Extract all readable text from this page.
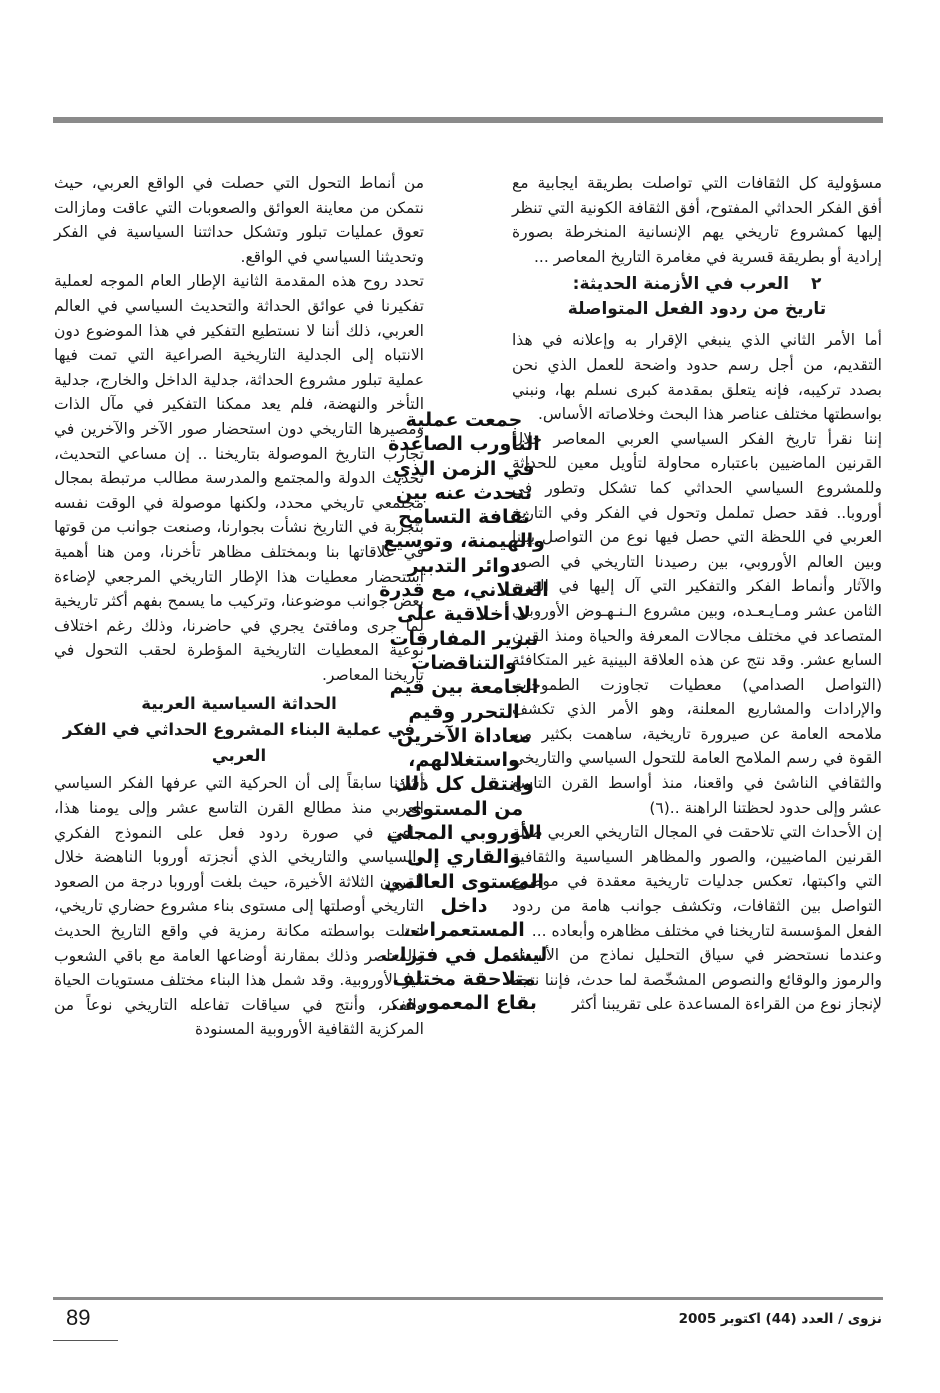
مسؤولية كل الثقافات التي تواصلت بطريقة ايجابية مع أفق الفكر الحداثي المفتوح، أفق الثقافة الكونية التي تنظر إليها كمشروع تاريخي يهم الإنسانية المنخرطة بصورة إرادية أو بطريقة قسرية في مغامرة التاريخ المعاصر ...

٢العرب في الأزمنة الحديثة:
تاريخ من ردود الفعل المتواصلة

أما الأمر الثاني الذي ينبغي الإقرار به وإعلانه في هذا التقديم، من أجل رسم حدود واضحة للعمل الذي نحن بصدد تركيبه، فإنه يتعلق بمقدمة كبرى نسلم بها، ونبني بواسطتها مختلف عناصر هذا البحث وخلاصاته الأساس.

إننا نقرأ تاريخ الفكر السياسي العربي المعاصر خلال القرنين الماضيين باعتباره محاولة لتأويل معين للحداثة وللمشروع السياسي الحداثي كما تشكل وتطور في أوروبا.. فقد حصل تململ وتحول في الفكر وفي التاريخ العربي في اللحظة التي حصل فيها نوع من التواصل بيننا وبين العالم الأوروبي، بين رصيدنا التاريخي في الصور والآثار وأنماط الفكر والتفكير التي آل إليها في القرن الثامن عشر ومـايـعـده، وبين مشروع الـنـهـوض الأوروبـي المتصاعد في مختلف مجالات المعرفة والحياة ومنذ القرن السابع عشر. وقد نتج عن هذه العلاقة البينية غير المتكافئة (التواصل الصدامي) معطيات تجاوزت الطموحات والإرادات والمشاريع المعلنة، وهو الأمر الذي تكشف ملامحه العامة عن صيرورة تاريخية، ساهمت بكثير من القوة في رسم الملامح العامة للتحول السياسي والتاريخي والثقافي الناشئ في واقعنا، منذ أواسط القرن التاسع عشر وإلى حدود لحظتنا الراهنة ..(٦)

إن الأحداث التي تلاحقت في المجال التاريخي العربي طيلة القرنين الماضيين، والصور والمظاهر السياسية والثقافية التي واكبتها، تعكس جدليات تاريخية معقدة في موضوع التواصل بين الثقافات، وتكشف جوانب هامة من ردود الفعل المؤسسة لتاريخنا في مختلف مظاهره وأبعاده ...

وعندما نستحضر في سياق التحليل نماذج من الأسماء والرموز والوقائع والنصوص المشخّصة لما حدث، فإننا نتجه لإنجاز نوع من القراءة المساعدة على تقريبنا أكثر

من أنماط التحول التي حصلت في الواقع العربي، حيث نتمكن من معاينة العوائق والصعوبات التي عاقت ومازالت تعوق عمليات تبلور وتشكل حداثتنا السياسية في الفكر وتحديثنا السياسي في الواقع.

تحدد روح هذه المقدمة الثانية الإطار العام الموجه لعملية تفكيرنا في عوائق الحداثة والتحديث السياسي في العالم العربي، ذلك أننا لا نستطيع التفكير في هذا الموضوع دون الانتباه إلى الجدلية التاريخية الصراعية التي تمت فيها عملية تبلور مشروع الحداثة، جدلية الداخل والخارج، جدلية التأخر والنهضة، فلم يعد ممكنا التفكير في مآل الذات ومصيرها التاريخي دون استحضار صور الآخر والآخرين في تجارب التاريخ الموصولة بتاريخنا .. إن مساعي التحديث، تحديث الدولة والمجتمع والمدرسة مطالب مرتبطة بمجال مجتمعي تاريخي محدد، ولكنها موصولة في الوقت نفسه بتجربة في التاريخ نشأت بجوارنا، وصنعت جوانب من قوتها في علاقاتها بنا وبمختلف مظاهر تأخرنا، ومن هنا أهمية استحضار معطيات هذا الإطار التاريخي المرجعي لإضاءة بعض جوانب موضوعنا، وتركيب ما يسمح بفهم أكثر تاريخية لما جرى ومافتئ يجري في حاضرنا، وذلك رغم اختلاف نوعية المعطيات التاريخية المؤطرة لحقب التحول في تاريخنا المعاصر.

الحداثة السياسية العربية
في عملية البناء المشروع الحداثي في الفكر العربي

أشرنا سابقاً إلى أن الحركية التي عرفها الفكر السياسي العربي منذ مطالع القرن التاسع عشر وإلى يومنا هذا، جاءت في صورة ردود فعل على النموذج الفكري والسياسي والتاريخي الذي أنجزته أوروبا الناهضة خلال القرون الثلاثة الأخيرة، حيث بلغت أوروبا درجة من الصعود التاريخي أوصلتها إلى مستوى بناء مشروع حضاري تاريخي، احتلت بواسطته مكانة رمزية في واقع التاريخ الحديث والمعاصر وذلك بمقارنة أوضاعها العامة مع باقي الشعوب غير الأوروبية. وقد شمل هذا البناء مختلف مستويات الحياة والفكر، وأنتج في سياقات تفاعله التاريخي نوعاً من المركزية الثقافية الأوروبية المسنودة

جمعت عملية التأورب الصاعدة في الزمن الذي نتحدث عنه بين ثقافة التسامح والهيمنة، وتوسيع دوائر التدبير العقلاني، مع قدرة لا أخلاقية على تبرير المفارقات والتناقضات الجامعة بين قيم التحرر وقيم معاداة الآخرين واستغلالهم، وانتقل كل ذلك من المستوى الأوروبي المحلي والقاري إلى المستوى العالمي داخل المستعمرات، ليشمل في فترات متلاحقة مختلف بقاع المعمورة..
89	نزوى / العدد (44) اكتوبر 2005
